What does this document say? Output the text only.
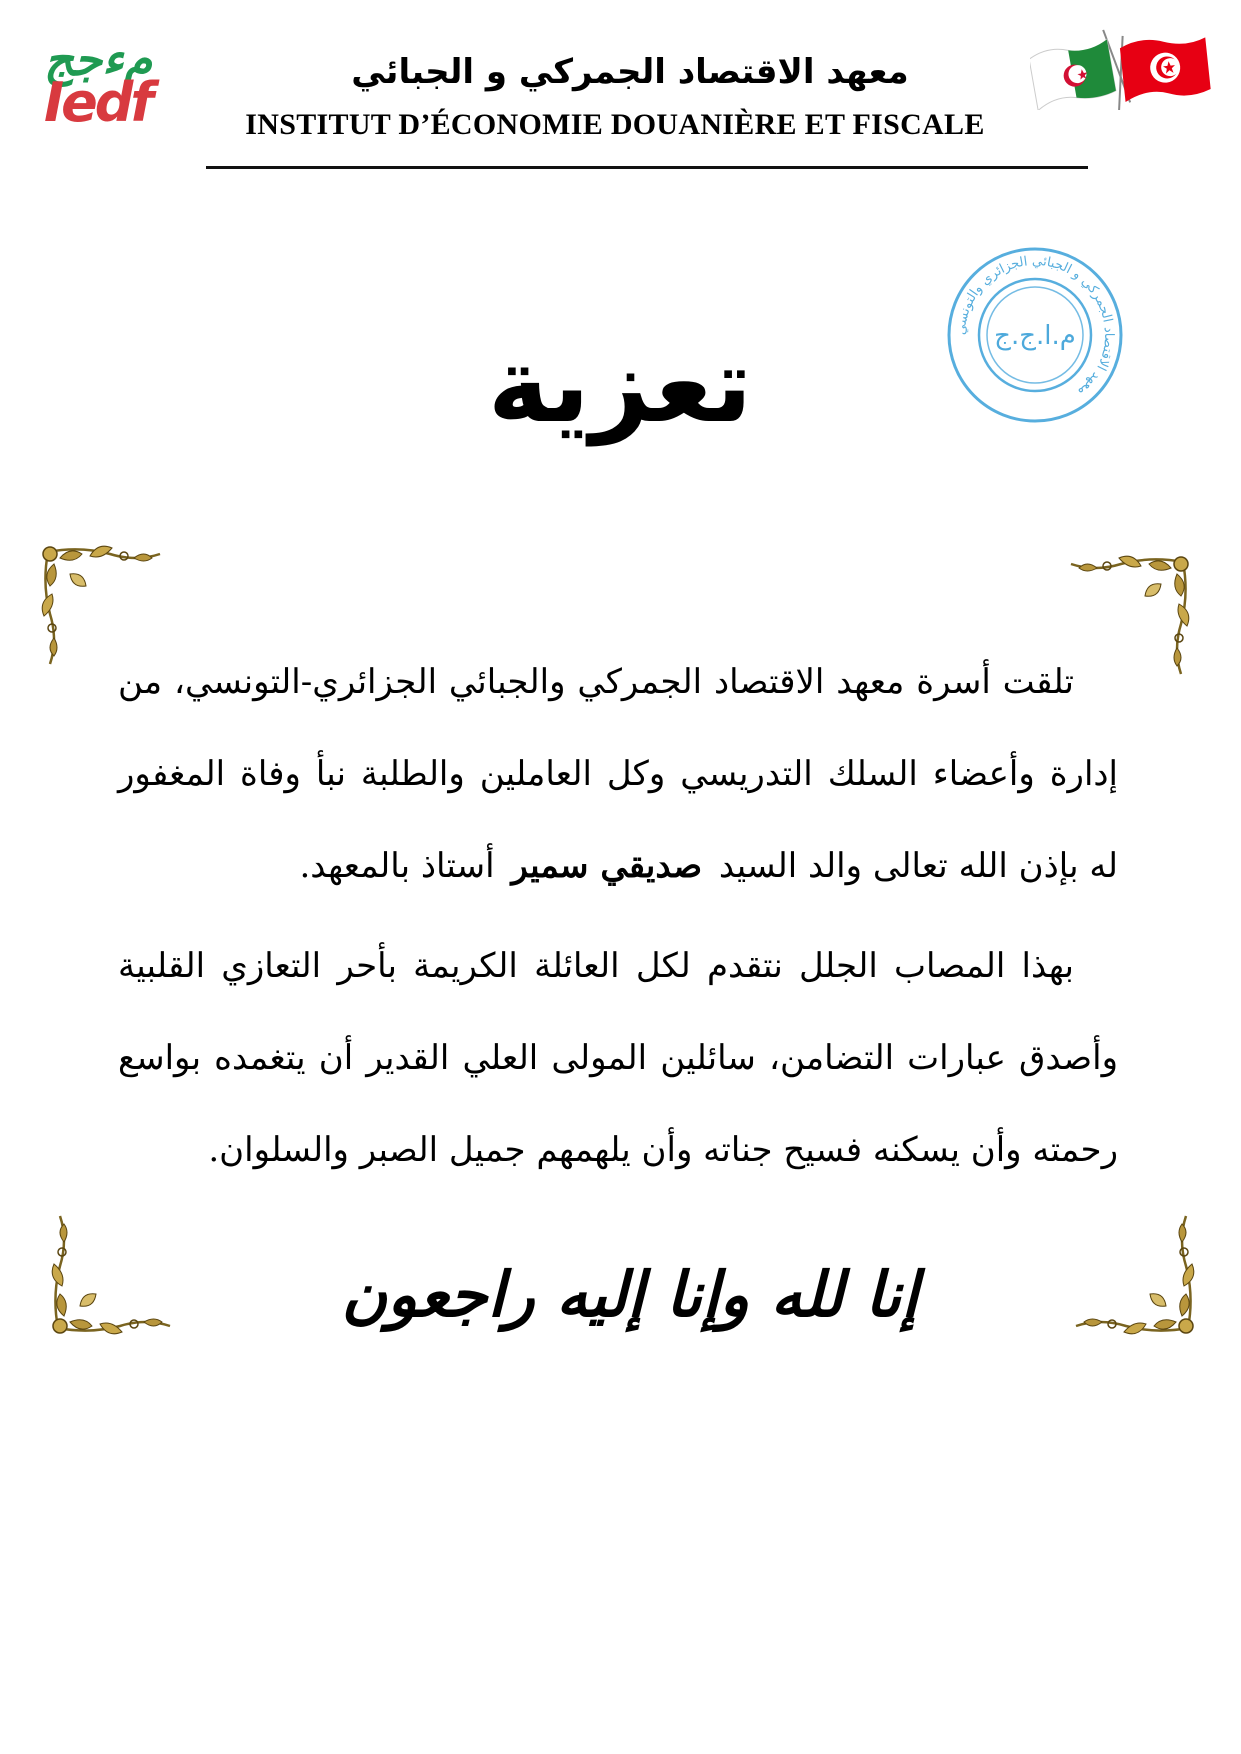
مءجج
Iedf	معهد الاقتصاد الجمركي و الجبائي
INSTITUT D’ÉCONOMIE DOUANIÈRE ET FISCALE
معهد الاقتصاد الجمركي و الجبائي الجزائري والتونسي
م.ا.ج.ج
تعزية

تلقت أسرة معهد الاقتصاد الجمركي والجبائي الجزائري-التونسي، من إدارة وأعضاء السلك التدريسي وكل العاملين والطلبة نبأ وفاة المغفور له بإذن الله تعالى والد السيد صديقي سمير أستاذ بالمعهد.

بهذا المصاب الجلل نتقدم لكل العائلة الكريمة بأحر التعازي القلبية وأصدق عبارات التضامن، سائلين المولى العلي القدير أن يتغمده بواسع رحمته وأن يسكنه فسيح جناته وأن يلهمهم جميل الصبر والسلوان.

إنا لله وإنا إليه راجعون
